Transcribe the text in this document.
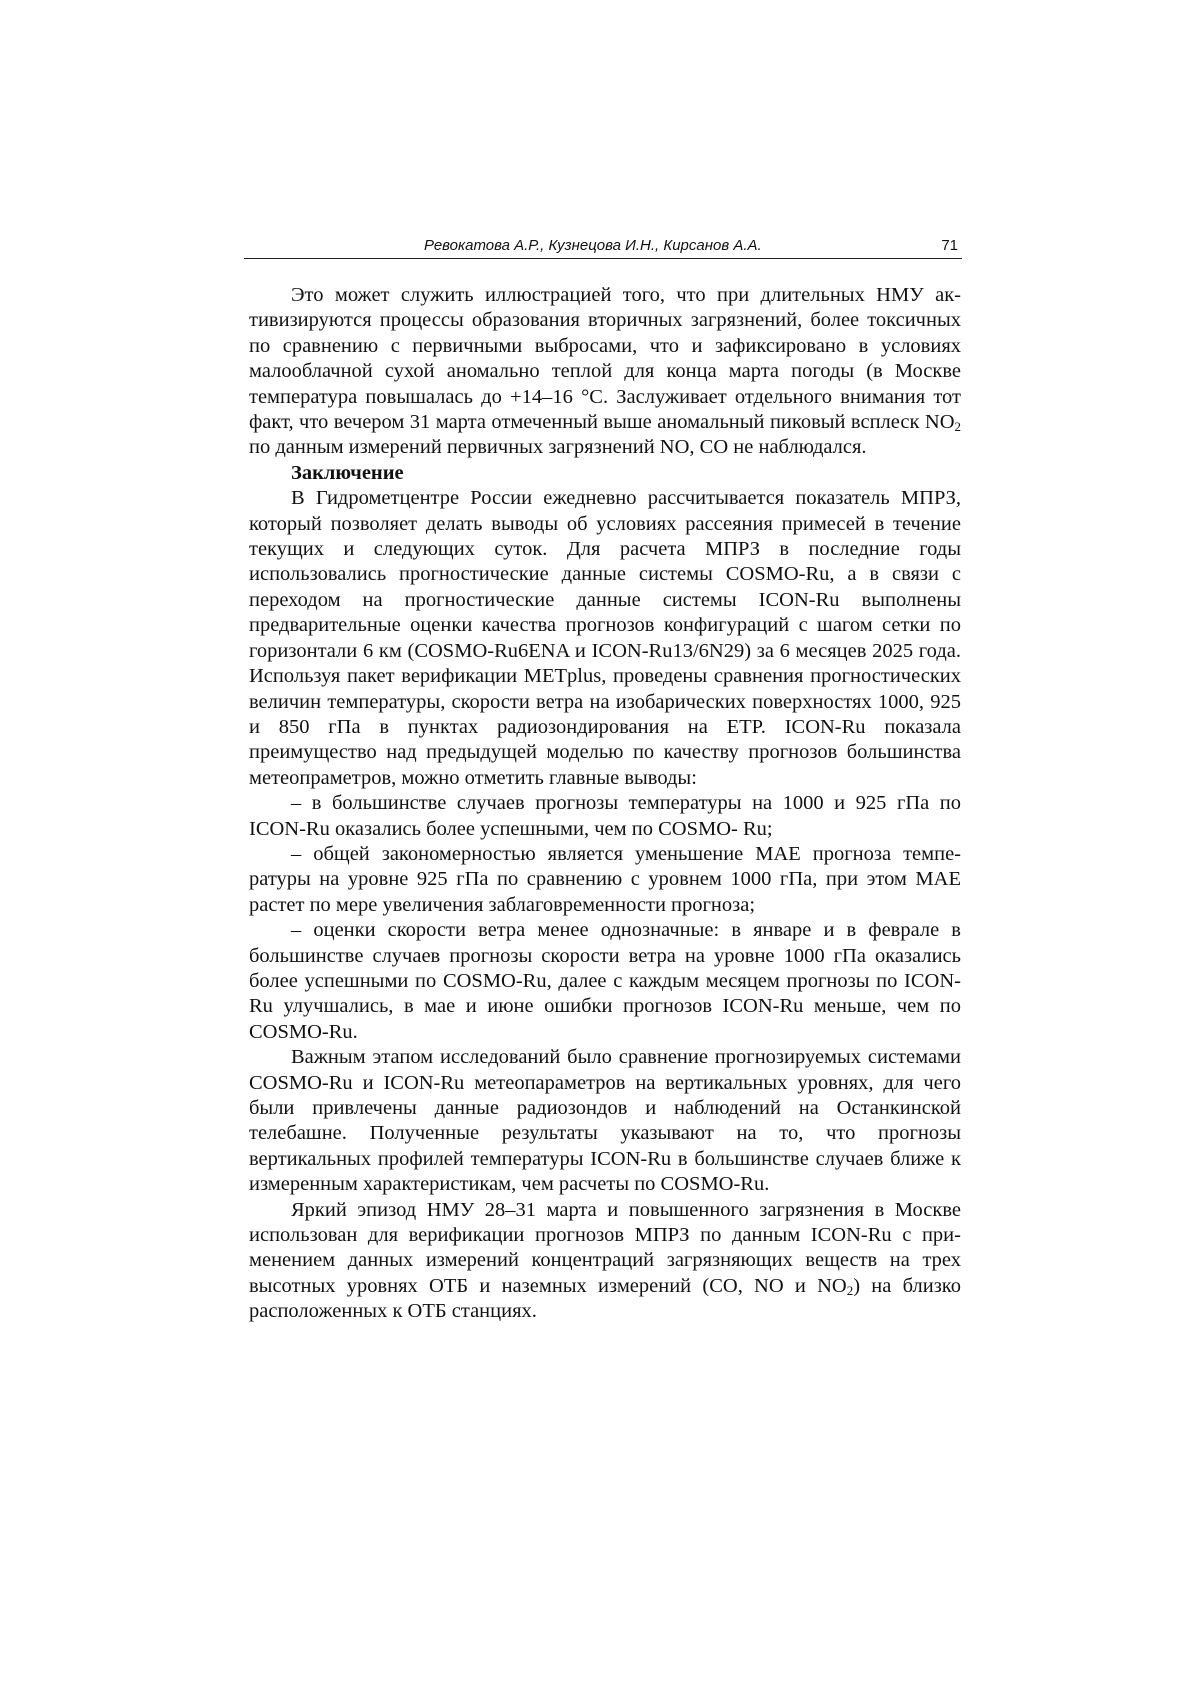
Ревокатова А.Р., Кузнецова И.Н., Кирсанов А.А.	71

Это может служить иллюстрацией того, что при длительных НМУ активизируются процессы образования вторичных загрязнений, более токсичных по сравнению с первичными выбросами, что и зафиксировано в условиях малооблачной сухой аномально теплой для конца марта погоды (в Москве температура повышалась до +14–16 °С. Заслуживает отдельного внимания тот факт, что вечером 31 марта отмеченный выше аномальный пиковый всплеск $NO_2$ по данным измерений первичных загрязнений NO, СО не наблюдался.

Заключение

В Гидрометцентре России ежедневно рассчитывается показатель МПРЗ, который позволяет делать выводы об условиях рассеяния примесей в течение текущих и следующих суток. Для расчета МПРЗ в последние годы использовались прогностические данные системы COSMO-Ru, а в связи с переходом на прогностические данные системы ICON-Ru выполнены предварительные оценки качества прогнозов конфигураций с шагом сетки по горизонтали 6 км (COSMO-Ru6ENA и ICON-Ru13/6N29) за 6 месяцев 2025 года. Используя пакет верификации METplus, проведены сравнения прогностических величин температуры, скорости ветра на изобарических поверхностях 1000, 925 и 850 гПа в пунктах радиозондирования на ETP. ICON-Ru показала преимущество над предыдущей моделью по качеству прогнозов большинства метеопраметров, можно отметить главные выводы:

– в большинстве случаев прогнозы температуры на 1000 и 925 гПа по ICON-Ru оказались более успешными, чем по COSMO- Ru;

– общей закономерностью является уменьшение MAE прогноза температуры на уровне 925 гПа по сравнению с уровнем 1000 гПа, при этом MAE растет по мере увеличения заблаговременности прогноза;

– оценки скорости ветра менее однозначные: в январе и в феврале в большинстве случаев прогнозы скорости ветра на уровне 1000 гПа оказались более успешными по COSMO-Ru, далее с каждым месяцем прогнозы по ICON-Ru улучшались, в мае и июне ошибки прогнозов ICON-Ru меньше, чем по COSMO-Ru.

Важным этапом исследований было сравнение прогнозируемых системами COSMO-Ru и ICON-Ru метеопараметров на вертикальных уровнях, для чего были привлечены данные радиозондов и наблюдений на Останкинской телебашне. Полученные результаты указывают на то, что прогнозы вертикальных профилей температуры ICON-Ru в большинстве случаев ближе к измеренным характеристикам, чем расчеты по COSMO-Ru.

Яркий эпизод НМУ 28–31 марта и повышенного загрязнения в Москве использован для верификации прогнозов МПРЗ по данным ICON-Ru с применением данных измерений концентраций загрязняющих веществ на трех высотных уровнях ОТБ и наземных измерений (CO, NO и $NO_2$) на близко расположенных к ОТБ станциях.
